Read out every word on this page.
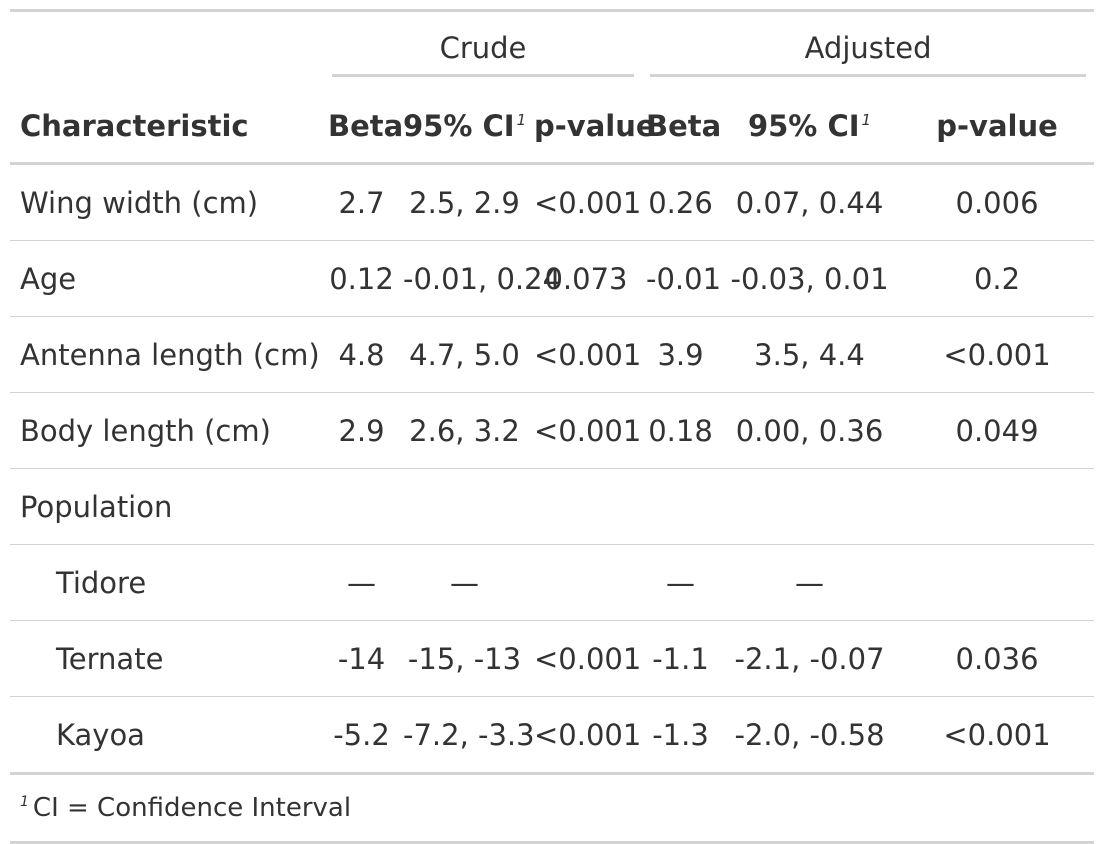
	Crude			Adjusted		

Characteristic	Beta	95% CI $^1$	p-value	Beta	95% CI $^1$	p-value
Wing width (cm)	2.7	2.5, 2.9	<0.001	0.26	0.07, 0.44	0.006
Age	0.12	-0.01, 0.24	0.073	-0.01	-0.03, 0.01	0.2
Antenna length (cm)	4.8	4.7, 5.0	<0.001	3.9	3.5, 4.4	<0.001
Body length (cm)	2.9	2.6, 3.2	<0.001	0.18	0.00, 0.36	0.049
Population						
Tidore	—	—		—	—	
Ternate	-14	-15, -13	<0.001	-1.1	-2.1, -0.07	0.036
Kayoa	-5.2	-7.2, -3.3	<0.001	-1.3	-2.0, -0.58	<0.001
$^1$ CI = Confidence Interval						
